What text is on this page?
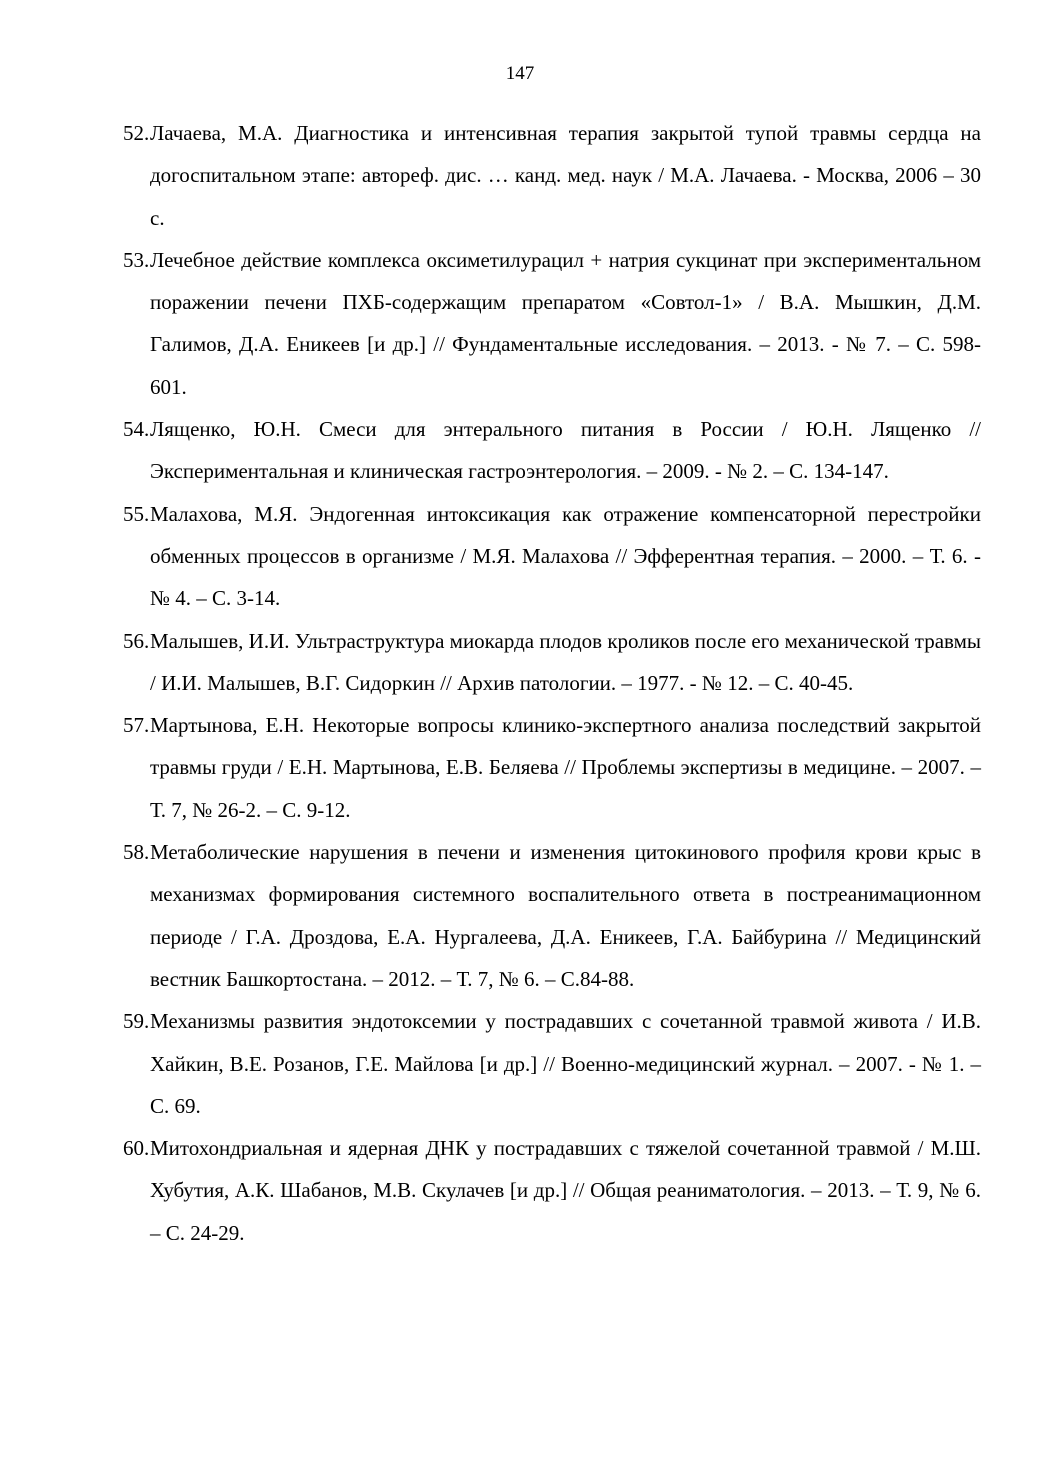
147
52. Лачаева, М.А. Диагностика и интенсивная терапия закрытой тупой травмы сердца на догоспитальном этапе: автореф. дис. … канд. мед. наук / М.А. Лачаева. - Москва, 2006 – 30 с.
53. Лечебное действие комплекса оксиметилурацил + натрия сукцинат при экспериментальном поражении печени ПХБ-содержащим препаратом «Совтол-1» / В.А. Мышкин, Д.М. Галимов, Д.А. Еникеев [и др.] // Фундаментальные исследования. – 2013. - № 7. – С. 598-601.
54. Лященко, Ю.Н. Смеси для энтерального питания в России / Ю.Н. Лященко // Экспериментальная и клиническая гастроэнтерология. – 2009. - № 2. – С. 134-147.
55. Малахова, М.Я. Эндогенная интоксикация как отражение компенсаторной перестройки обменных процессов в организме / М.Я. Малахова // Эфферентная терапия. – 2000. – Т. 6. - № 4. – С. 3-14.
56. Малышев, И.И. Ультраструктура миокарда плодов кроликов после его механической травмы / И.И. Малышев, В.Г. Сидоркин // Архив патологии. – 1977. - № 12. – С. 40-45.
57. Мартынова, Е.Н. Некоторые вопросы клинико-экспертного анализа последствий закрытой травмы груди / Е.Н. Мартынова, Е.В. Беляева // Проблемы экспертизы в медицине. – 2007. – Т. 7, № 26-2. – С. 9-12.
58. Метаболические нарушения в печени и изменения цитокинового профиля крови крыс в механизмах формирования системного воспалительного ответа в постреанимационном периоде / Г.А. Дроздова, Е.А. Нургалеева, Д.А. Еникеев, Г.А. Байбурина // Медицинский вестник Башкортостана. – 2012. – Т. 7, № 6. – С.84-88.
59. Механизмы развития эндотоксемии у пострадавших с сочетанной травмой живота / И.В. Хайкин, В.Е. Розанов, Г.Е. Майлова [и др.] // Военно-медицинский журнал. – 2007. - № 1. – С. 69.
60. Митохондриальная и ядерная ДНК у пострадавших с тяжелой сочетанной травмой / М.Ш. Хубутия, А.К. Шабанов, М.В. Скулачев [и др.] // Общая реаниматология. – 2013. – Т. 9, № 6. – С. 24-29.
